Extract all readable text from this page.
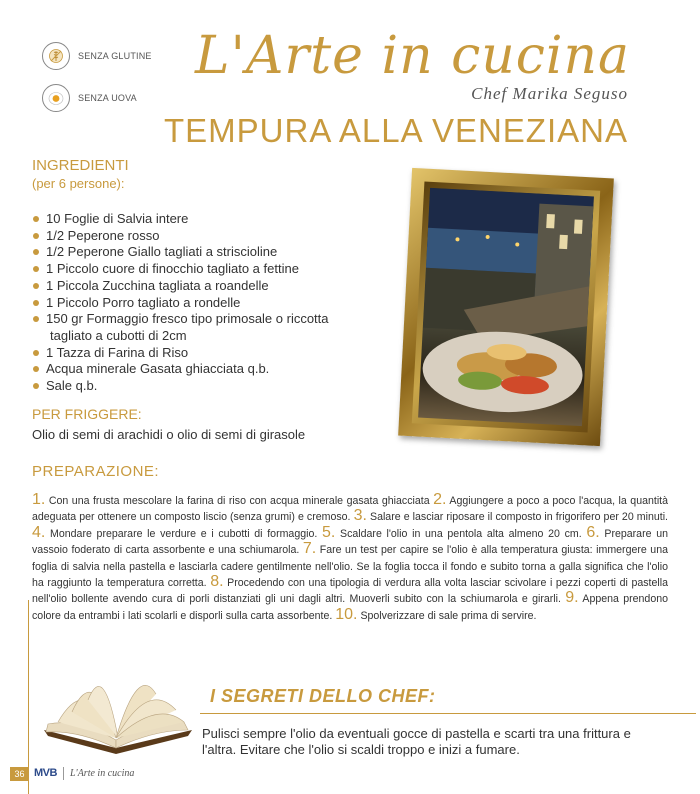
SENZA GLUTINE
SENZA UOVA
L'Arte in cucina
Chef Marika Seguso
TEMPURA ALLA VENEZIANA
INGREDIENTI
(per 6 persone):
10 Foglie di Salvia intere
1/2 Peperone rosso
1/2 Peperone Giallo tagliati a striscioline
1 Piccolo cuore di finocchio tagliato a fettine
1 Piccola Zucchina tagliata a roandelle
1 Piccolo Porro tagliato a rondelle
150 gr Formaggio fresco tipo primosale o riccotta
tagliato a cubotti di 2cm
1 Tazza di Farina di Riso
Acqua minerale Gasata ghiacciata q.b.
Sale q.b.
PER FRIGGERE:
Olio di semi di arachidi o olio di semi di girasole
PREPARAZIONE:
1. Con una frusta mescolare la farina di riso con acqua minerale gasata ghiacciata 2. Aggiungere a poco a poco l'acqua, la quantità adeguata per ottenere un composto liscio (senza grumi) e cremoso. 3. Salare e lasciar riposare il composto in frigorifero per 20 minuti. 4. Mondare preparare le verdure e i cubotti di formaggio. 5. Scaldare l'olio in una pentola alta almeno 20 cm. 6. Preparare un vassoio foderato di carta assorbente e una schiumarola. 7. Fare un test per capire se l'olio è alla temperatura giusta: immergere una foglia di salvia nella pastella e lasciarla cadere gentilmente nell'olio. Se la foglia tocca il fondo e subito torna a galla significa che l'olio ha raggiunto la temperatura corretta. 8. Procedendo con una tipologia di verdura alla volta lasciar scivolare i pezzi coperti di pastella nell'olio bollente avendo cura di porli distanziati gli uni dagli altri. Muoverli subito con la schiumarola e girarli. 9. Appena prendono colore da entrambi i lati scolarli e disporli sulla carta assorbente. 10. Spolverizzare di sale prima di servire.
I SEGRETI DELLO CHEF:
Pulisci sempre l'olio da eventuali gocce di pastella e scarti tra una frittura e l'altra. Evitare che l'olio si scaldi troppo e inizi a fumare.
36 MVB L'Arte in cucina
